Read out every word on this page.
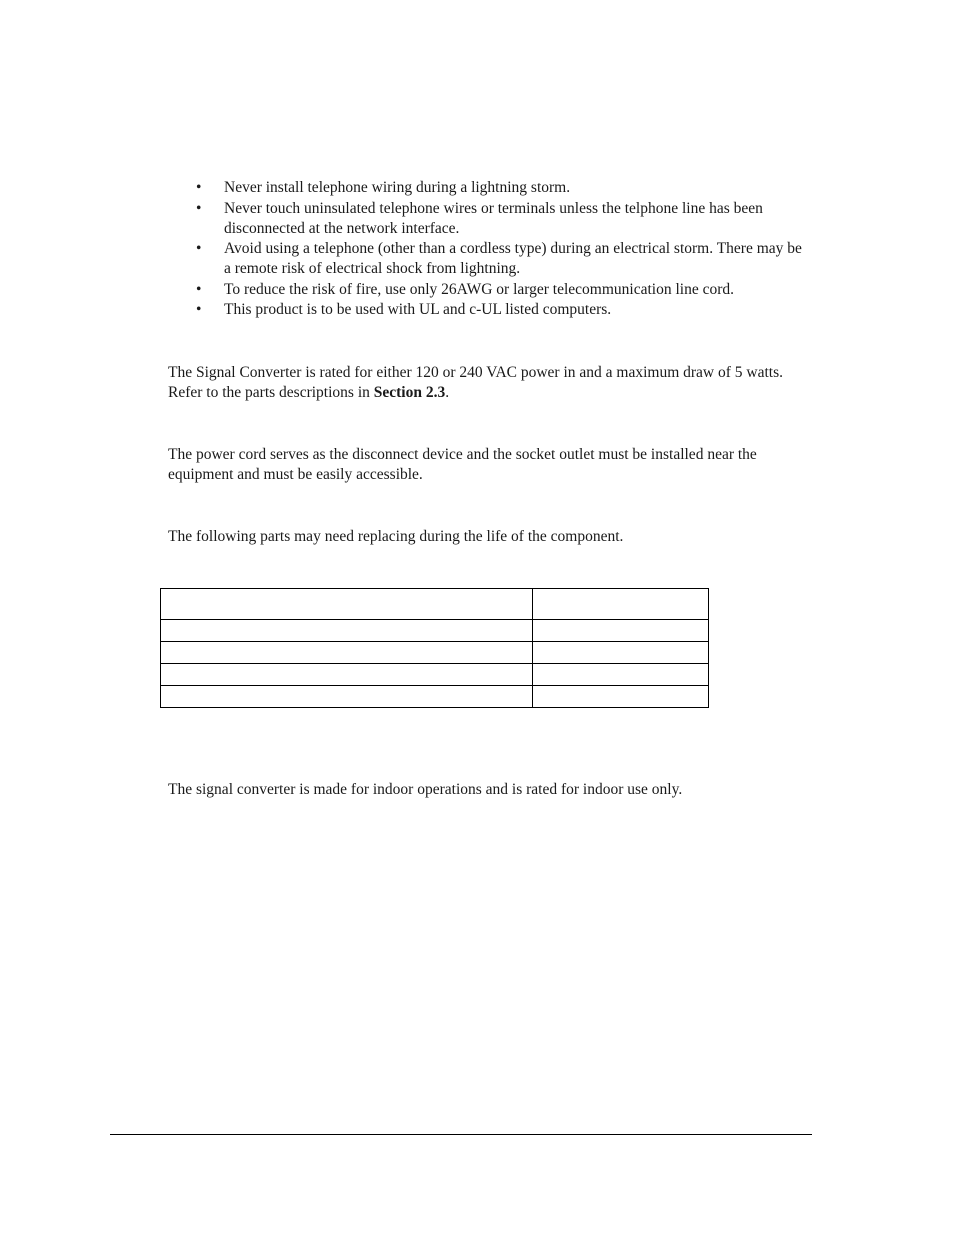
• Never install telephone wiring during a lightning storm.
• Never touch uninsulated telephone wires or terminals unless the telphone line has been disconnected at the network interface.
• Avoid using a telephone (other than a cordless type) during an electrical storm. There may be a remote risk of electrical shock from lightning.
• To reduce the risk of fire, use only 26AWG or larger telecommunication line cord.
• This product is to be used with UL and c-UL listed computers.

The Signal Converter is rated for either 120 or 240 VAC power in and a maximum draw of 5 watts. Refer to the parts descriptions in Section 2.3.

The power cord serves as the disconnect device and the socket outlet must be installed near the equipment and must be easily accessible.

The following parts may need replacing during the life of the component.

The signal converter is made for indoor operations and is rated for indoor use only.
